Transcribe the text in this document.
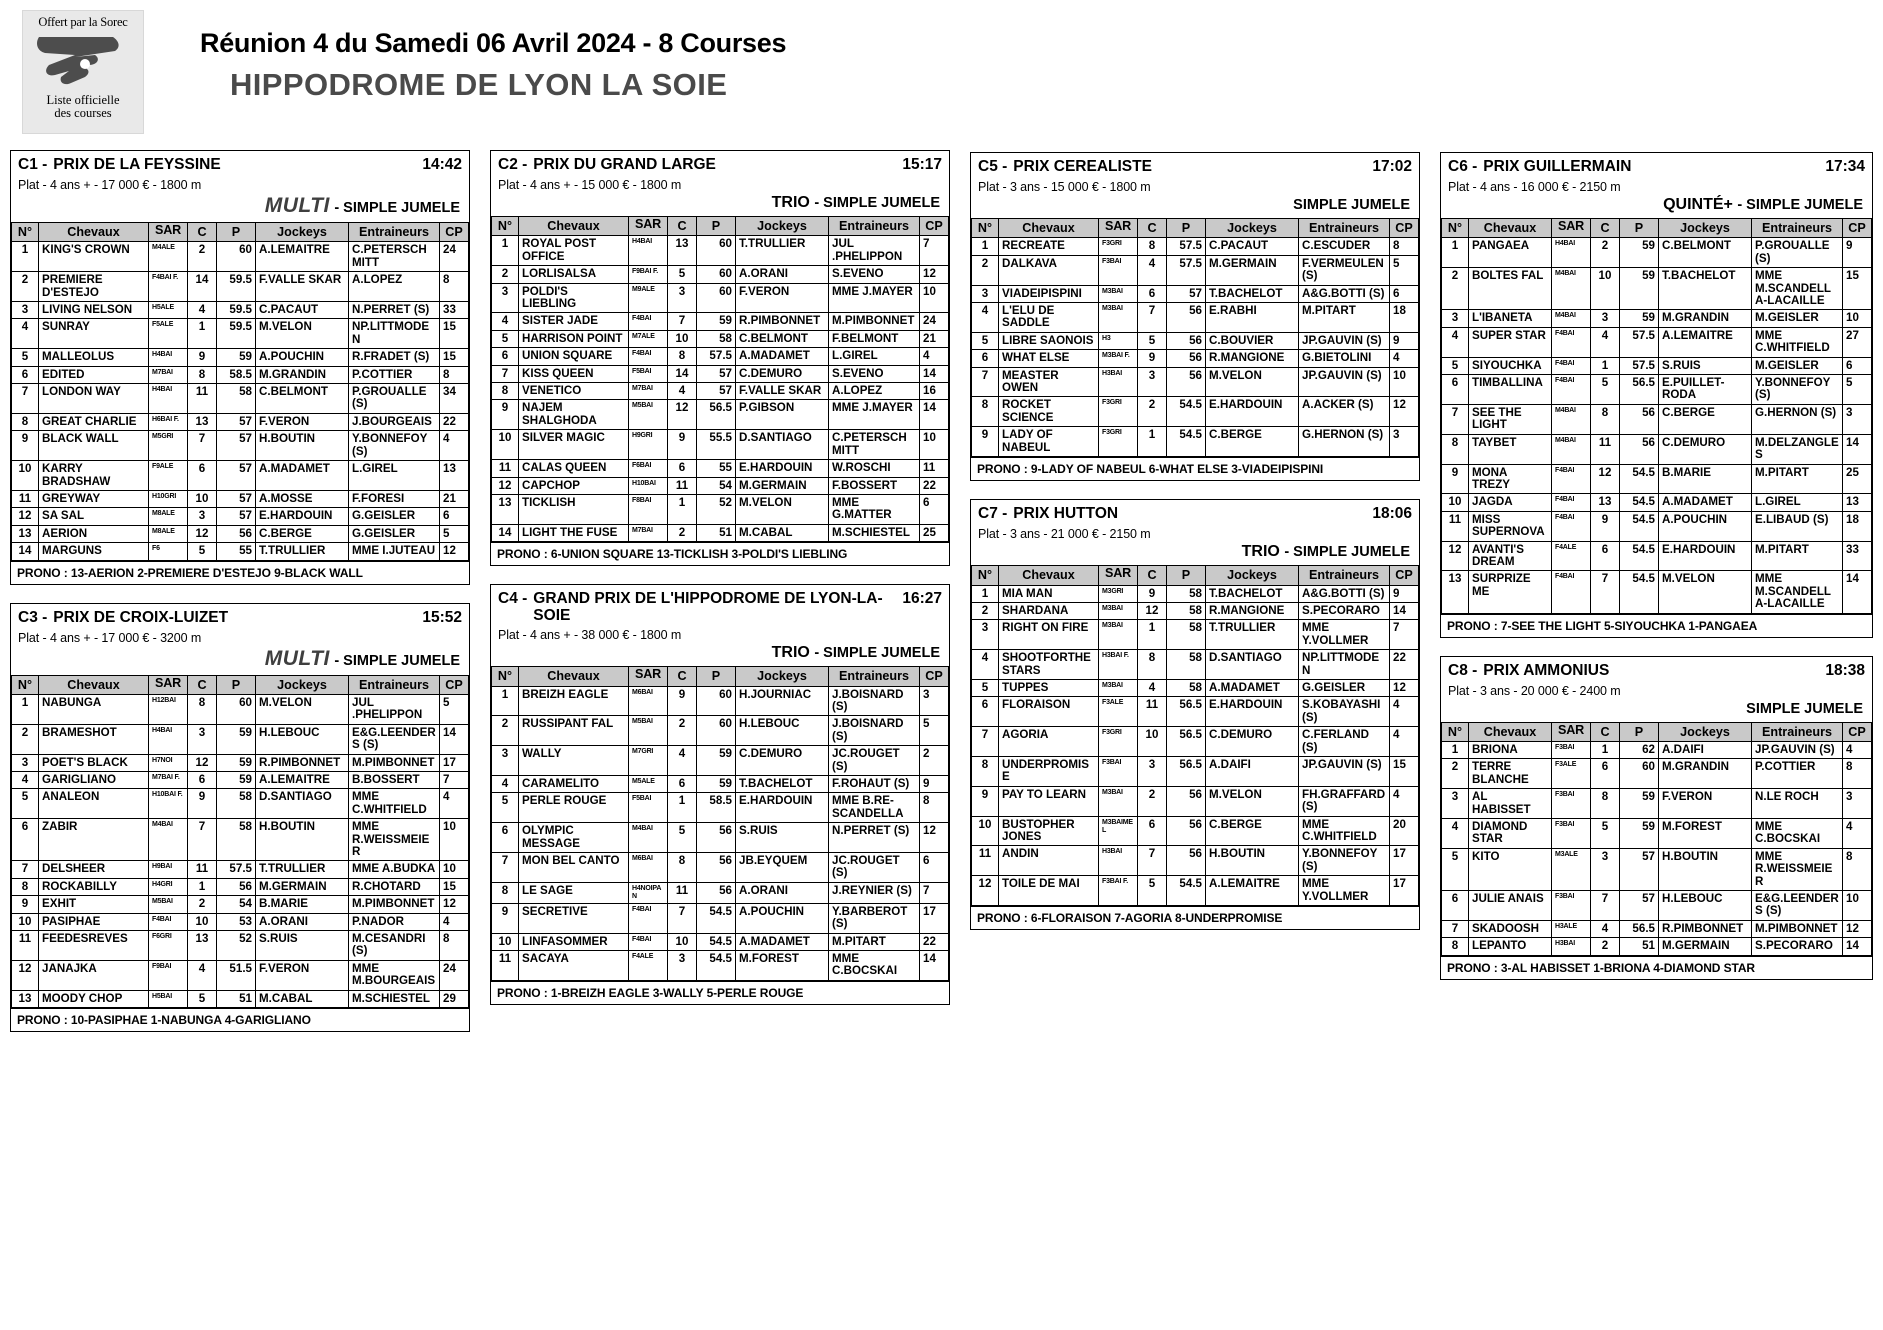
Offert par la Sorec
Liste officielle
des courses
Réunion 4 du Samedi 06 Avril 2024 - 8 Courses
HIPPODROME DE LYON LA SOIE
C1 - PRIX DE LA FEYSSINE	14:42
Plat - 4 ans + - 17 000 € - 1800 m
MULTI - SIMPLE JUMELE
N°	Chevaux	SAR	C	P	Jockeys	Entraineurs	CP
1	KING'S CROWN	M4ALE	2	60	A.LEMAITRE	C.PETERSCHMITT	24
2	PREMIERE D'ESTEJO	F4BAI F.	14	59.5	F.VALLE SKAR	A.LOPEZ	8
3	LIVING NELSON	H5ALE	4	59.5	C.PACAUT	N.PERRET (S)	33
4	SUNRAY	F5ALE	1	59.5	M.VELON	NP.LITTMODEN	15
5	MALLEOLUS	H4BAI	9	59	A.POUCHIN	R.FRADET (S)	15
6	EDITED	M7BAI	8	58.5	M.GRANDIN	P.COTTIER	8
7	LONDON WAY	H4BAI	11	58	C.BELMONT	P.GROUALLE (S)	34
8	GREAT CHARLIE	H6BAI F.	13	57	F.VERON	J.BOURGEAIS	22
9	BLACK WALL	M5GRI	7	57	H.BOUTIN	Y.BONNEFOY (S)	4
10	KARRY BRADSHAW	F9ALE	6	57	A.MADAMET	L.GIREL	13
11	GREYWAY	H10GRI	10	57	A.MOSSE	F.FORESI	21
12	SA SAL	M8ALE	3	57	E.HARDOUIN	G.GEISLER	6
13	AERION	M8ALE	12	56	C.BERGE	G.GEISLER	5
14	MARGUNS	F6	5	55	T.TRULLIER	MME I.JUTEAU	12
PRONO : 13-AERION 2-PREMIERE D'ESTEJO 9-BLACK WALL
C3 - PRIX DE CROIX-LUIZET	15:52
Plat - 4 ans + - 17 000 € - 3200 m
MULTI - SIMPLE JUMELE
N°	Chevaux	SAR	C	P	Jockeys	Entraineurs	CP
1	NABUNGA	H12BAI	8	60	M.VELON	JUL .PHELIPPON	5
2	BRAMESHOT	H4BAI	3	59	H.LEBOUC	E&G.LEENDERS (S)	14
3	POET'S BLACK	H7NOI	12	59	R.PIMBONNET	M.PIMBONNET	17
4	GARIGLIANO	M7BAI F.	6	59	A.LEMAITRE	B.BOSSERT	7
5	ANALEON	H10BAI F.	9	58	D.SANTIAGO	MME C.WHITFIELD	4
6	ZABIR	M4BAI	7	58	H.BOUTIN	MME R.WEISSMEIER	10
7	DELSHEER	H9BAI	11	57.5	T.TRULLIER	MME A.BUDKA	10
8	ROCKABILLY	H4GRI	1	56	M.GERMAIN	R.CHOTARD	15
9	EXHIT	M5BAI	2	54	B.MARIE	M.PIMBONNET	12
10	PASIPHAE	F4BAI	10	53	A.ORANI	P.NADOR	4
11	FEEDESREVES	F6GRI	13	52	S.RUIS	M.CESANDRI (S)	8
12	JANAJKA	F9BAI	4	51.5	F.VERON	MME M.BOURGEAIS	24
13	MOODY CHOP	H5BAI	5	51	M.CABAL	M.SCHIESTEL	29
PRONO : 10-PASIPHAE 1-NABUNGA 4-GARIGLIANO
C2 - PRIX DU GRAND LARGE	15:17
Plat - 4 ans + - 15 000 € - 1800 m
TRIO - SIMPLE JUMELE
N°	Chevaux	SAR	C	P	Jockeys	Entraineurs	CP
1	ROYAL POST OFFICE	H4BAI	13	60	T.TRULLIER	JUL .PHELIPPON	7
2	LORLISALSA	F9BAI F.	5	60	A.ORANI	S.EVENO	12
3	POLDI'S LIEBLING	M9ALE	3	60	F.VERON	MME J.MAYER	10
4	SISTER JADE	F4BAI	7	59	R.PIMBONNET	M.PIMBONNET	24
5	HARRISON POINT	M7ALE	10	58	C.BELMONT	F.BELMONT	21
6	UNION SQUARE	F4BAI	8	57.5	A.MADAMET	L.GIREL	4
7	KISS QUEEN	F5BAI	14	57	C.DEMURO	S.EVENO	14
8	VENETICO	M7BAI	4	57	F.VALLE SKAR	A.LOPEZ	16
9	NAJEM SHALGHODA	M5BAI	12	56.5	P.GIBSON	MME J.MAYER	14
10	SILVER MAGIC	H9GRI	9	55.5	D.SANTIAGO	C.PETERSCHMITT	10
11	CALAS QUEEN	F6BAI	6	55	E.HARDOUIN	W.ROSCHI	11
12	CAPCHOP	H10BAI	11	54	M.GERMAIN	F.BOSSERT	22
13	TICKLISH	F8BAI	1	52	M.VELON	MME G.MATTER	6
14	LIGHT THE FUSE	M7BAI	2	51	M.CABAL	M.SCHIESTEL	25
PRONO : 6-UNION SQUARE 13-TICKLISH 3-POLDI'S LIEBLING
C4 - GRAND PRIX DE L'HIPPODROME DE LYON-LA-SOIE
16:27
Plat - 4 ans + - 38 000 € - 1800 m
TRIO - SIMPLE JUMELE
N°	Chevaux	SAR	C	P	Jockeys	Entraineurs	CP
1	BREIZH EAGLE	M6BAI	9	60	H.JOURNIAC	J.BOISNARD (S)	3
2	RUSSIPANT FAL	M5BAI	2	60	H.LEBOUC	J.BOISNARD (S)	5
3	WALLY	M7GRI	4	59	C.DEMURO	JC.ROUGET (S)	2
4	CARAMELITO	M5ALE	6	59	T.BACHELOT	F.ROHAUT (S)	9
5	PERLE ROUGE	F5BAI	1	58.5	E.HARDOUIN	MME B.RE-SCANDELLA	8
6	OLYMPIC MESSAGE	M4BAI	5	56	S.RUIS	N.PERRET (S)	12
7	MON BEL CANTO	M6BAI	8	56	JB.EYQUEM	JC.ROUGET (S)	6
8	LE SAGE	H4NOIPAN	11	56	A.ORANI	J.REYNIER (S)	7
9	SECRETIVE	F4BAI	7	54.5	A.POUCHIN	Y.BARBEROT (S)	17
10	LINFASOMMER	F4BAI	10	54.5	A.MADAMET	M.PITART	22
11	SACAYA	F4ALE	3	54.5	M.FOREST	MME C.BOCSKAI	14
PRONO : 1-BREIZH EAGLE 3-WALLY 5-PERLE ROUGE
C5 - PRIX CEREALISTE	17:02
Plat - 3 ans - 15 000 € - 1800 m
SIMPLE JUMELE
N°	Chevaux	SAR	C	P	Jockeys	Entraineurs	CP
1	RECREATE	F3GRI	8	57.5	C.PACAUT	C.ESCUDER	8
2	DALKAVA	F3BAI	4	57.5	M.GERMAIN	F.VERMEULEN (S)	5
3	VIADEIPISPINI	M3BAI	6	57	T.BACHELOT	A&G.BOTTI (S)	6
4	L'ELU DE SADDLE	M3BAI	7	56	E.RABHI	M.PITART	18
5	LIBRE SAONOIS	H3	5	56	C.BOUVIER	JP.GAUVIN (S)	9
6	WHAT ELSE	M3BAI F.	9	56	R.MANGIONE	G.BIETOLINI	4
7	MEASTER OWEN	H3BAI	3	56	M.VELON	JP.GAUVIN (S)	10
8	ROCKET SCIENCE	F3GRI	2	54.5	E.HARDOUIN	A.ACKER (S)	12
9	LADY OF NABEUL	F3GRI	1	54.5	C.BERGE	G.HERNON (S)	3
PRONO : 9-LADY OF NABEUL 6-WHAT ELSE 3-VIADEIPISPINI
C7 - PRIX HUTTON	18:06
Plat - 3 ans - 21 000 € - 2150 m
TRIO - SIMPLE JUMELE
N°	Chevaux	SAR	C	P	Jockeys	Entraineurs	CP
1	MIA MAN	M3GRI	9	58	T.BACHELOT	A&G.BOTTI (S)	9
2	SHARDANA	M3BAI	12	58	R.MANGIONE	S.PECORARO	14
3	RIGHT ON FIRE	M3BAI	1	58	T.TRULLIER	MME Y.VOLLMER	7
4	SHOOTFORTHESTARS	H3BAI F.	8	58	D.SANTIAGO	NP.LITTMODEN	22
5	TUPPES	M3BAI	4	58	A.MADAMET	G.GEISLER	12
6	FLORAISON	F3ALE	11	56.5	E.HARDOUIN	S.KOBAYASHI (S)	4
7	AGORIA	F3GRI	10	56.5	C.DEMURO	C.FERLAND (S)	4
8	UNDERPROMISE	F3BAI	3	56.5	A.DAIFI	JP.GAUVIN (S)	15
9	PAY TO LEARN	M3BAI	2	56	M.VELON	FH.GRAFFARD (S)	4
10	BUSTOPHER JONES	M3BAIMEL	6	56	C.BERGE	MME C.WHITFIELD	20
11	ANDIN	H3BAI	7	56	H.BOUTIN	Y.BONNEFOY (S)	17
12	TOILE DE MAI	F3BAI F.	5	54.5	A.LEMAITRE	MME Y.VOLLMER	17
PRONO : 6-FLORAISON 7-AGORIA 8-UNDERPROMISE
C6 - PRIX GUILLERMAIN	17:34
Plat - 4 ans - 16 000 € - 2150 m
QUINTÉ+ - SIMPLE JUMELE
N°	Chevaux	SAR	C	P	Jockeys	Entraineurs	CP
1	PANGAEA	H4BAI	2	59	C.BELMONT	P.GROUALLE (S)	9
2	BOLTES FAL	M4BAI	10	59	T.BACHELOT	MME M.SCANDELLA-LACAILLE	15
3	L'IBANETA	M4BAI	3	59	M.GRANDIN	M.GEISLER	10
4	SUPER STAR	F4BAI	4	57.5	A.LEMAITRE	MME C.WHITFIELD	27
5	SIYOUCHKA	F4BAI	1	57.5	S.RUIS	M.GEISLER	6
6	TIMBALLINA	F4BAI	5	56.5	E.PUILLET-RODA	Y.BONNEFOY (S)	5
7	SEE THE LIGHT	M4BAI	8	56	C.BERGE	G.HERNON (S)	3
8	TAYBET	M4BAI	11	56	C.DEMURO	M.DELZANGLES	14
9	MONA TREZY	F4BAI	12	54.5	B.MARIE	M.PITART	25
10	JAGDA	F4BAI	13	54.5	A.MADAMET	L.GIREL	13
11	MISS SUPERNOVA	F4BAI	9	54.5	A.POUCHIN	E.LIBAUD (S)	18
12	AVANTI'S DREAM	F4ALE	6	54.5	E.HARDOUIN	M.PITART	33
13	SURPRIZE ME	F4BAI	7	54.5	M.VELON	MME M.SCANDELLA-LACAILLE	14
PRONO : 7-SEE THE LIGHT 5-SIYOUCHKA 1-PANGAEA
C8 - PRIX AMMONIUS	18:38
Plat - 3 ans - 20 000 € - 2400 m
SIMPLE JUMELE
N°	Chevaux	SAR	C	P	Jockeys	Entraineurs	CP
1	BRIONA	F3BAI	1	62	A.DAIFI	JP.GAUVIN (S)	4
2	TERRE BLANCHE	F3ALE	6	60	M.GRANDIN	P.COTTIER	8
3	AL HABISSET	F3BAI	8	59	F.VERON	N.LE ROCH	3
4	DIAMOND STAR	F3BAI	5	59	M.FOREST	MME C.BOCSKAI	4
5	KITO	M3ALE	3	57	H.BOUTIN	MME R.WEISSMEIER	8
6	JULIE ANAIS	F3BAI	7	57	H.LEBOUC	E&G.LEENDERS (S)	10
7	SKADOOSH	H3ALE	4	56.5	R.PIMBONNET	M.PIMBONNET	12
8	LEPANTO	H3BAI	2	51	M.GERMAIN	S.PECORARO	14
PRONO : 3-AL HABISSET 1-BRIONA 4-DIAMOND STAR
